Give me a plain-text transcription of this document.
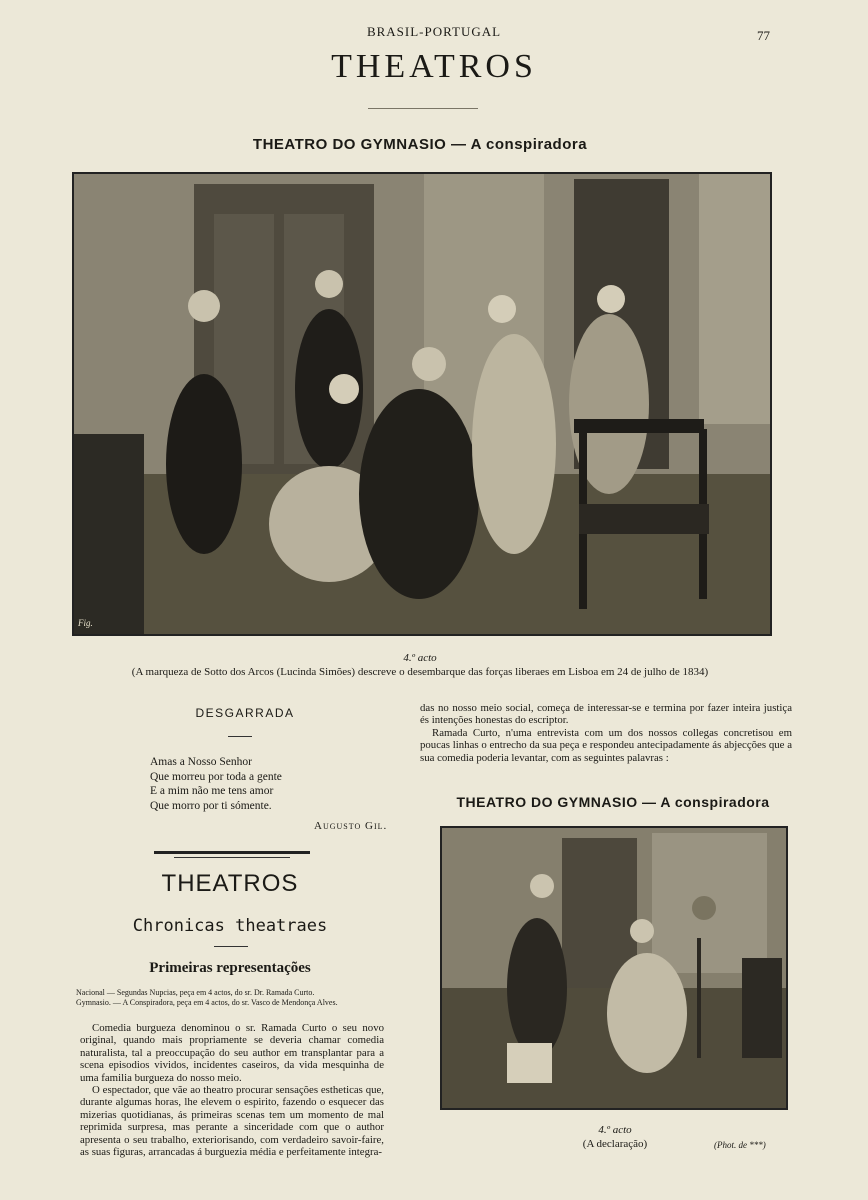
BRASIL-PORTUGAL	77
THEATROS
THEATRO DO GYMNASIO — A conspiradora
Fig.
4.º acto
(A marqueza de Sotto dos Arcos (Lucinda Simões) descreve o desembarque das forças liberaes em Lisboa em 24 de julho de 1834)
DESGARRADA
Amas a Nosso Senhor
Que morreu por toda a gente
E a mim não me tens amor
Que morro por ti sómente.
Augusto Gil.
THEATROS
Chronicas theatraes
Primeiras representações
Nacional — Segundas Nupcias, peça em 4 actos, do sr. Dr. Ramada Curto.
Gymnasio. — A Conspiradora, peça em 4 actos, do sr. Vasco de Mendonça Alves.
Comedia burgueza denominou o sr. Ramada Curto o seu novo original, quando mais propriamente se deveria chamar comedia naturalista, tal a preoccupação do seu author em transplantar para a scena episodios vividos, incidentes caseiros, da vida mesquinha de uma familia burgueza do nosso meio.
O espectador, que vãe ao theatro procurar sensações estheticas que, durante algumas horas, lhe elevem o espirito, fazendo o esquecer das mizerias quotidianas, ás primeiras scenas tem um momento de mal reprimida surpresa, mas perante a sinceridade com que o author apresenta o seu trabalho, exteriorisando, com verdadeiro savoir-faire, as suas figuras, arrancadas á burguezia média e perfeitamente integra-
das no nosso meio social, começa de interessar-se e termina por fazer inteira justiça és intenções honestas do escriptor.
Ramada Curto, n'uma entrevista com um dos nossos collegas concretisou em poucas linhas o entrecho da sua peça e respondeu antecipadamente ás abjecções que a sua comedia poderia levantar, com as seguintes palavras :
THEATRO DO GYMNASIO — A conspiradora
4.º acto
(A declaração)	(Phot. de ***)
